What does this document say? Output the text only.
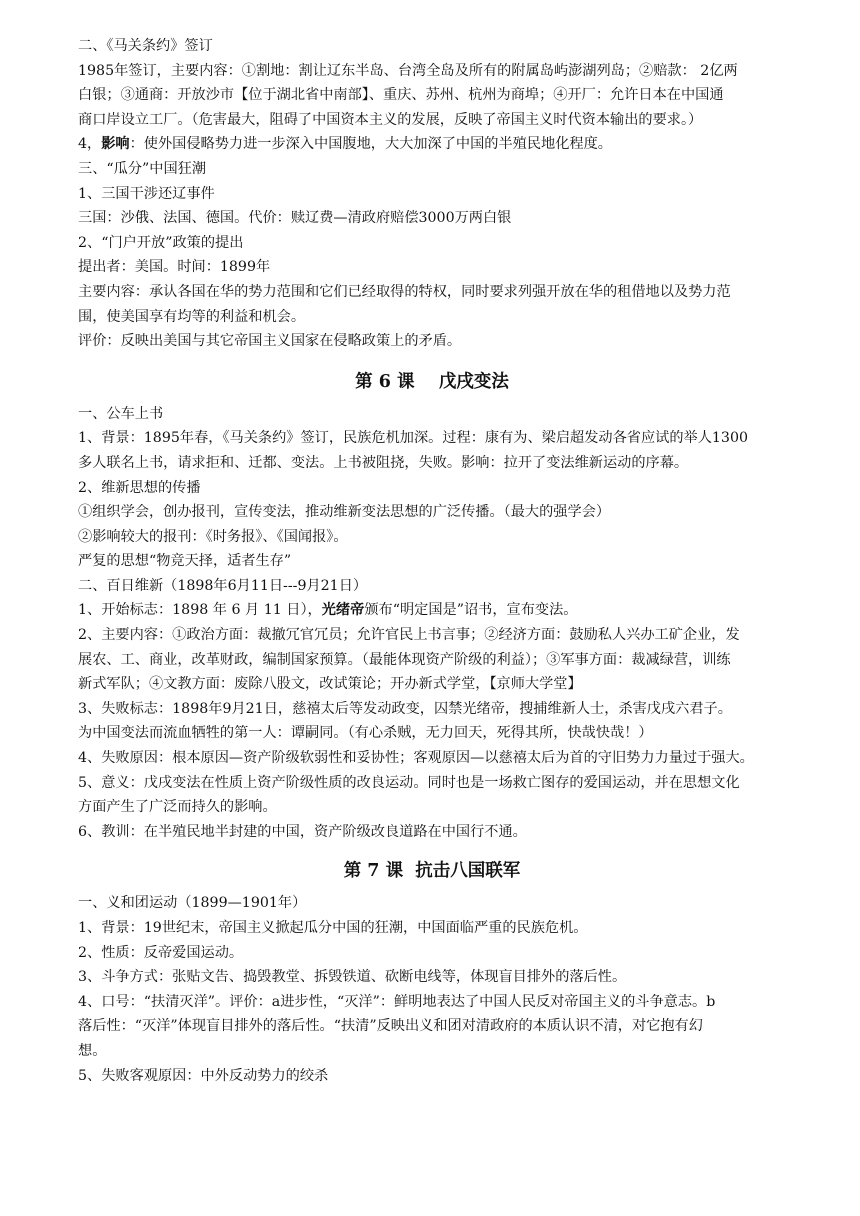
二、《马关条约》签订
1985年签订，主要内容：①割地：割让辽东半岛、台湾全岛及所有的附属岛屿澎湖列岛；②赔款： 2亿两
白银；③通商：开放沙市【位于湖北省中南部】、重庆、苏州、杭州为商埠；④开厂：允许日本在中国通
商口岸设立工厂。（危害最大，阻碍了中国资本主义的发展，反映了帝国主义时代资本输出的要求。）
4，影响：使外国侵略势力进一步深入中国腹地，大大加深了中国的半殖民地化程度。
三、“瓜分”中国狂潮
1、三国干涉还辽事件
三国：沙俄、法国、德国。代价：赎辽费—清政府赔偿3000万两白银
2、“门户开放”政策的提出
提出者：美国。时间：1899年
主要内容：承认各国在华的势力范围和它们已经取得的特权，同时要求列强开放在华的租借地以及势力范
围，使美国享有均等的利益和机会。
评价：反映出美国与其它帝国主义国家在侵略政策上的矛盾。
第 6 课    戊戌变法
一、公车上书
1、背景：1895年春，《马关条约》签订，民族危机加深。过程：康有为、梁启超发动各省应试的举人1300
多人联名上书，请求拒和、迁都、变法。上书被阻挠，失败。影响：拉开了变法维新运动的序幕。
2、维新思想的传播
①组织学会，创办报刊，宣传变法，推动维新变法思想的广泛传播。（最大的强学会）
②影响较大的报刊：《时务报》、《国闻报》。
严复的思想“物竞天择，适者生存”
二、百日维新（1898年6月11日---9月21日）
1、开始标志：1898 年 6 月 11 日），光绪帝颁布“明定国是”诏书，宣布变法。
2、主要内容：①政治方面：裁撤冗官冗员；允许官民上书言事；②经济方面：鼓励私人兴办工矿企业，发
展农、工、商业，改革财政，编制国家预算。（最能体现资产阶级的利益）；③军事方面：裁减绿营，训练
新式军队；④文教方面：废除八股文，改试策论；开办新式学堂，【京师大学堂】
3、失败标志：1898年9月21日，慈禧太后等发动政变，囚禁光绪帝，搜捕维新人士，杀害戊戌六君子。
为中国变法而流血牺牲的第一人：谭嗣同。（有心杀贼，无力回天，死得其所，快哉快哉！）
4、失败原因：根本原因—资产阶级软弱性和妥协性；客观原因—以慈禧太后为首的守旧势力力量过于强大。
5、意义：戊戌变法在性质上资产阶级性质的改良运动。同时也是一场救亡图存的爱国运动，并在思想文化
方面产生了广泛而持久的影响。
6、教训：在半殖民地半封建的中国，资产阶级改良道路在中国行不通。
第 7 课  抗击八国联军
一、义和团运动（1899—1901年）
1、背景：19世纪末，帝国主义掀起瓜分中国的狂潮，中国面临严重的民族危机。
2、性质：反帝爱国运动。
3、斗争方式：张贴文告、捣毁教堂、拆毁铁道、砍断电线等，体现盲目排外的落后性。
4、口号：“扶清灭洋”。评价：a进步性，“灭洋”：鲜明地表达了中国人民反对帝国主义的斗争意志。b
落后性：“灭洋”体现盲目排外的落后性。“扶清”反映出义和团对清政府的本质认识不清，对它抱有幻
想。
5、失败客观原因：中外反动势力的绞杀
